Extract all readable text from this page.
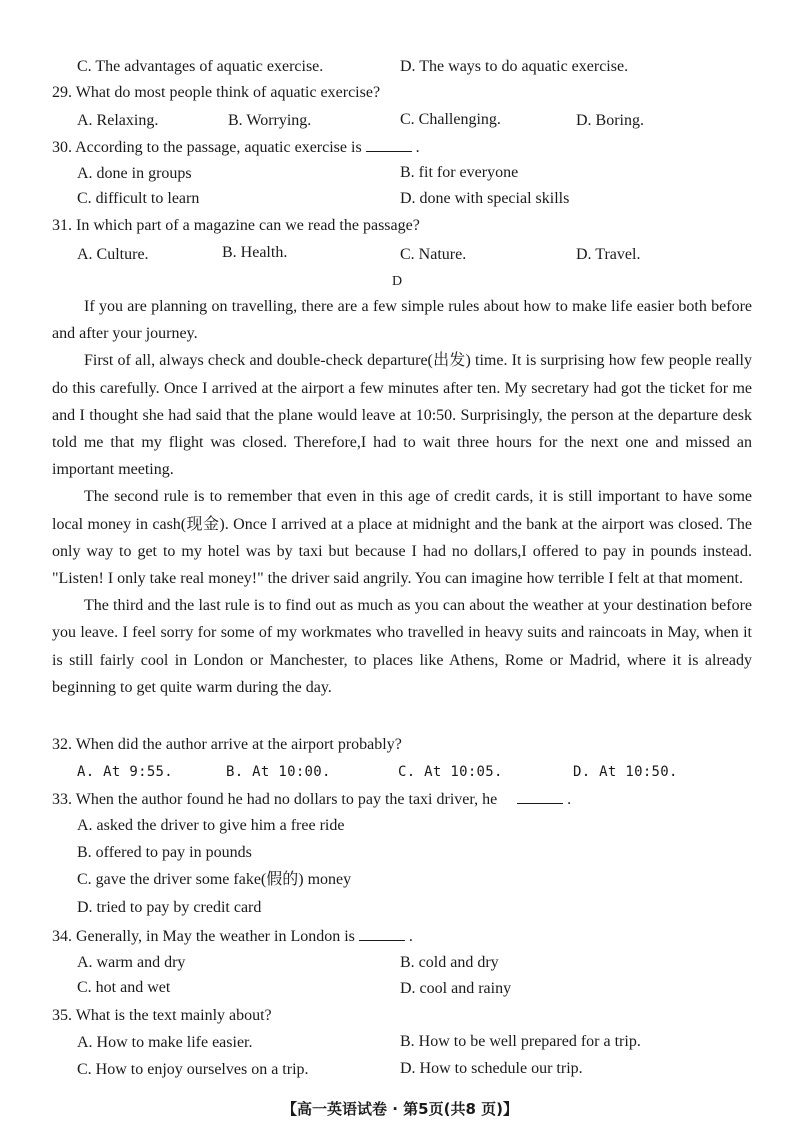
C. The advantages of aquatic exercise.	D. The ways to do aquatic exercise.
29. What do most people think of aquatic exercise?
A. Relaxing.	B. Worrying.	C. Challenging.	D. Boring.
30. According to the passage, aquatic exercise is	.
A. done in groups	B. fit for everyone
C. difficult to learn	D. done with special skills
31. In which part of a magazine can we read the passage?
A. Culture.	B. Health.	C. Nature.	D. Travel.
D

If you are planning on travelling, there are a few simple rules about how to make life easier both before and after your journey.

First of all, always check and double-check departure(出发) time. It is surprising how few people really do this carefully. Once I arrived at the airport a few minutes after ten. My secretary had got the ticket for me and I thought she had said that the plane would leave at 10:50. Surprisingly, the person at the departure desk told me that my flight was closed. Therefore,I had to wait three hours for the next one and missed an important meeting.

The second rule is to remember that even in this age of credit cards, it is still important to have some local money in cash(现金). Once I arrived at a place at midnight and the bank at the airport was closed. The only way to get to my hotel was by taxi but because I had no dollars,I offered to pay in pounds instead. "Listen! I only take real money!" the driver said angrily. You can imagine how terrible I felt at that moment.

The third and the last rule is to find out as much as you can about the weather at your destination before you leave. I feel sorry for some of my workmates who travelled in heavy suits and raincoats in May, when it is still fairly cool in London or Manchester, to places like Athens, Rome or Madrid, where it is already beginning to get quite warm during the day.

32. When did the author arrive at the airport probably?
A. At 9:55.	B. At 10:00.	C. At 10:05.	D. At 10:50.
33. When the author found he had no dollars to pay the taxi driver, he	.
A. asked the driver to give him a free ride
B. offered to pay in pounds
C. gave the driver some fake(假的) money
D. tried to pay by credit card
34. Generally, in May the weather in London is	.
A. warm and dry	B. cold and dry
C. hot and wet	D. cool and rainy
35. What is the text mainly about?
A. How to make life easier.	B. How to be well prepared for a trip.
C. How to enjoy ourselves on a trip.	D. How to schedule our trip.
【高一英语试卷 · 第5页(共8 页)】
